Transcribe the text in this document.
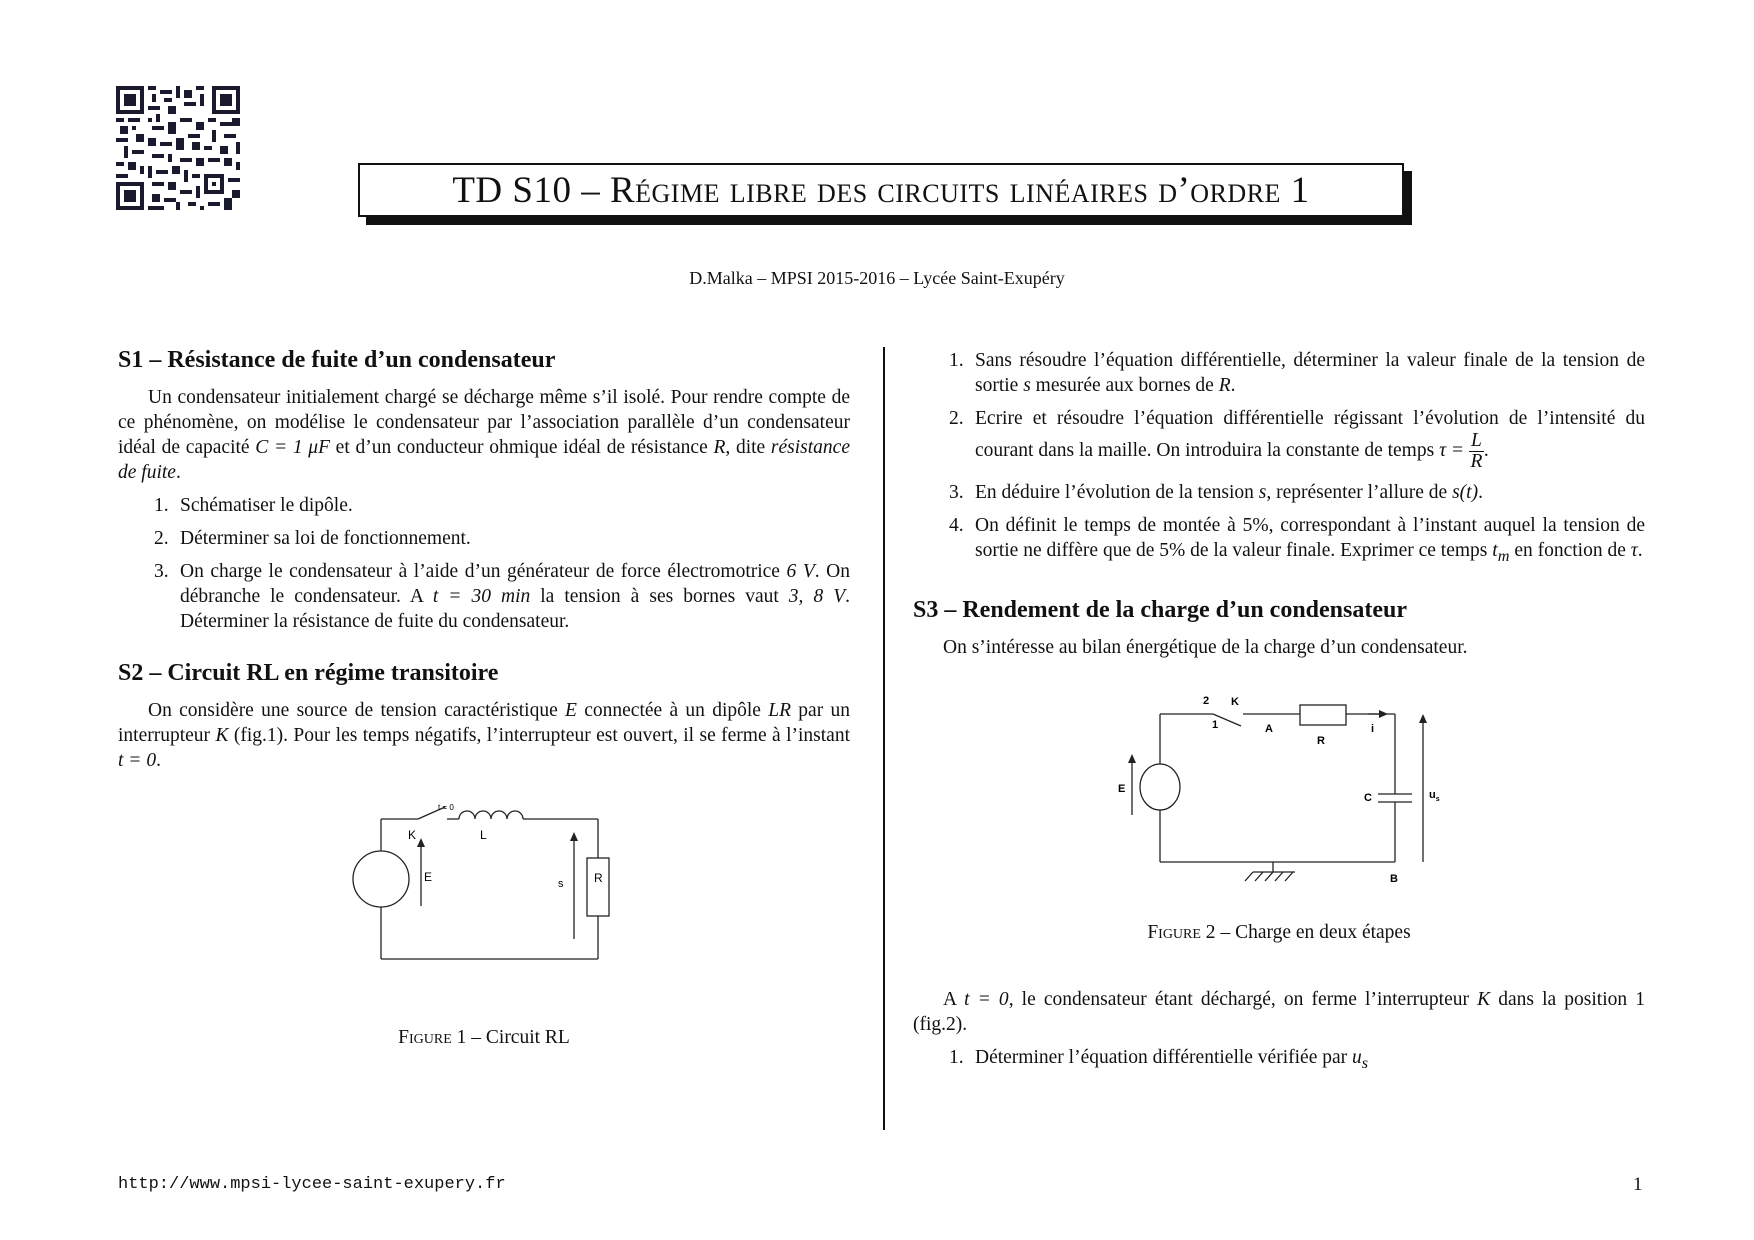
TD S10 – Régime libre des circuits linéaires d’ordre 1
D.Malka – MPSI 2015-2016 – Lycée Saint-Exupéry
S1 – Résistance de fuite d’un condensateur

Un condensateur initialement chargé se décharge même s’il isolé. Pour rendre compte de ce phénomène, on modélise le condensateur par l’association parallèle d’un condensateur idéal de capacité C = 1 μF et d’un conducteur ohmique idéal de résistance R, dite résistance de fuite.

1. Schématiser le dipôle.
2. Déterminer sa loi de fonctionnement.
3. On charge le condensateur à l’aide d’un générateur de force électromotrice 6 V. On débranche le condensateur. A t = 30 min la tension à ses bornes vaut 3, 8 V. Déterminer la résistance de fuite du condensateur.
S2 – Circuit RL en régime transitoire

On considère une source de tension caractéristique E connectée à un dipôle LR par un interrupteur K (fig.1). Pour les temps négatifs, l’interrupteur est ouvert, il se ferme à l’instant t = 0.

t = 0
K	L
E	s	R
Figure 1 – Circuit RL
1. Sans résoudre l’équation différentielle, déterminer la valeur finale de la tension de sortie s mesurée aux bornes de R.
2. Ecrire et résoudre l’équation différentielle régissant l’évolution de l’intensité du courant dans la maille. On introduira la constante de temps $\tau = \frac{L}{R}$ .
3. En déduire l’évolution de la tension s, représenter l’allure de s(t).
4. On définit le temps de montée à 5%, correspondant à l’instant auquel la tension de sortie ne diffère que de 5% de la valeur finale. Exprimer ce temps $t_m$ en fonction de τ.
S3 – Rendement de la charge d’un condensateur

On s’intéresse au bilan énergétique de la charge d’un condensateur.

2 K
1	A
R
i
E
C	$u_s$
B
Figure 2 – Charge en deux étapes

A t = 0, le condensateur étant déchargé, on ferme l’interrupteur K dans la position 1 (fig.2).

1. Déterminer l’équation différentielle vérifiée par $u_s$
http://www.mpsi-lycee-saint-exupery.fr	1
